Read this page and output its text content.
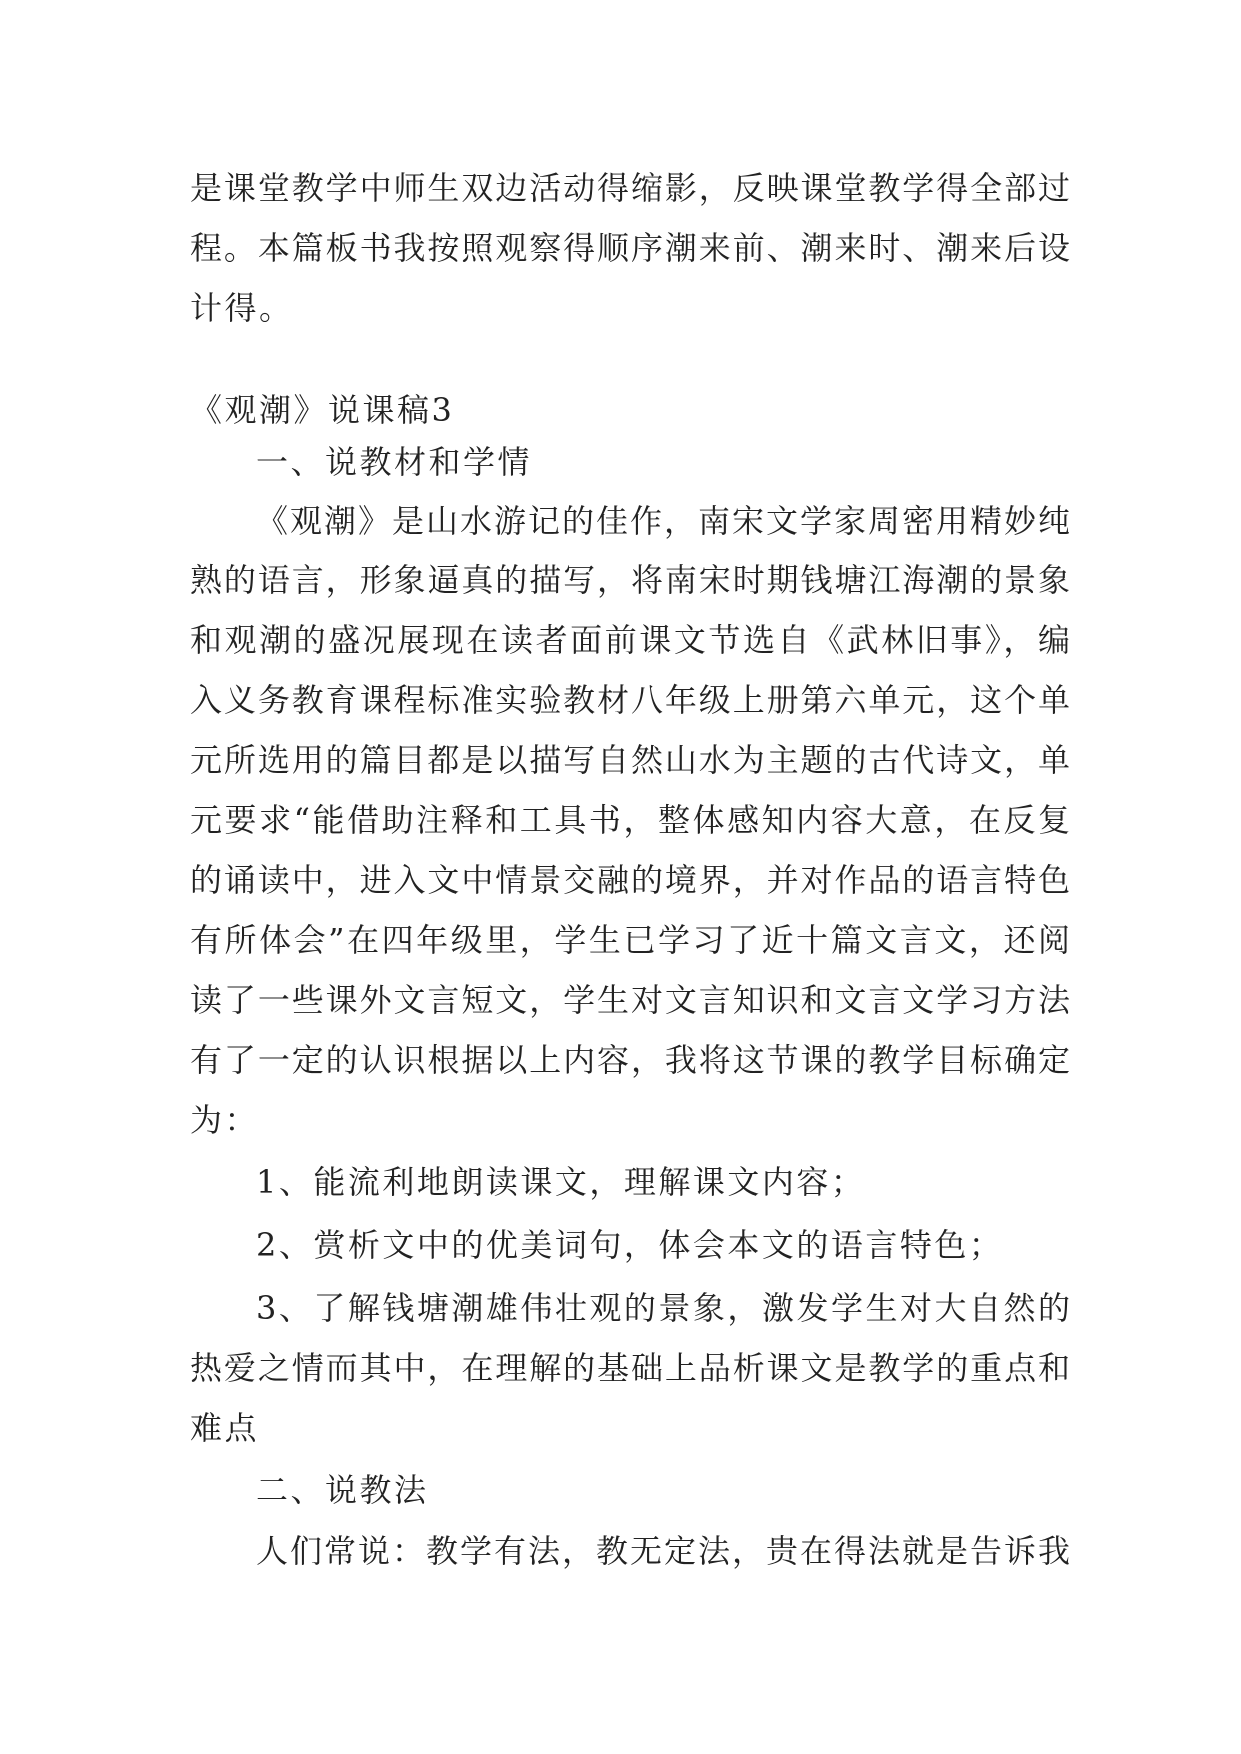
是课堂教学中师生双边活动得缩影，反映课堂教学得全部过
程。本篇板书我按照观察得顺序潮来前、潮来时、潮来后设
计得。
《观潮》说课稿3
一、说教材和学情
《观潮》是山水游记的佳作，南宋文学家周密用精妙纯
熟的语言，形象逼真的描写，将南宋时期钱塘江海潮的景象
和观潮的盛况展现在读者面前课文节选自《武林旧事》，编
入义务教育课程标准实验教材八年级上册第六单元，这个单
元所选用的篇目都是以描写自然山水为主题的古代诗文，单
元要求“能借助注释和工具书，整体感知内容大意，在反复
的诵读中，进入文中情景交融的境界，并对作品的语言特色
有所体会”在四年级里，学生已学习了近十篇文言文，还阅
读了一些课外文言短文，学生对文言知识和文言文学习方法
有了一定的认识根据以上内容，我将这节课的教学目标确定
为：
1、能流利地朗读课文，理解课文内容；
2、赏析文中的优美词句，体会本文的语言特色；
3、了解钱塘潮雄伟壮观的景象，激发学生对大自然的
热爱之情而其中，在理解的基础上品析课文是教学的重点和
难点
二、说教法
人们常说：教学有法，教无定法，贵在得法就是告诉我
